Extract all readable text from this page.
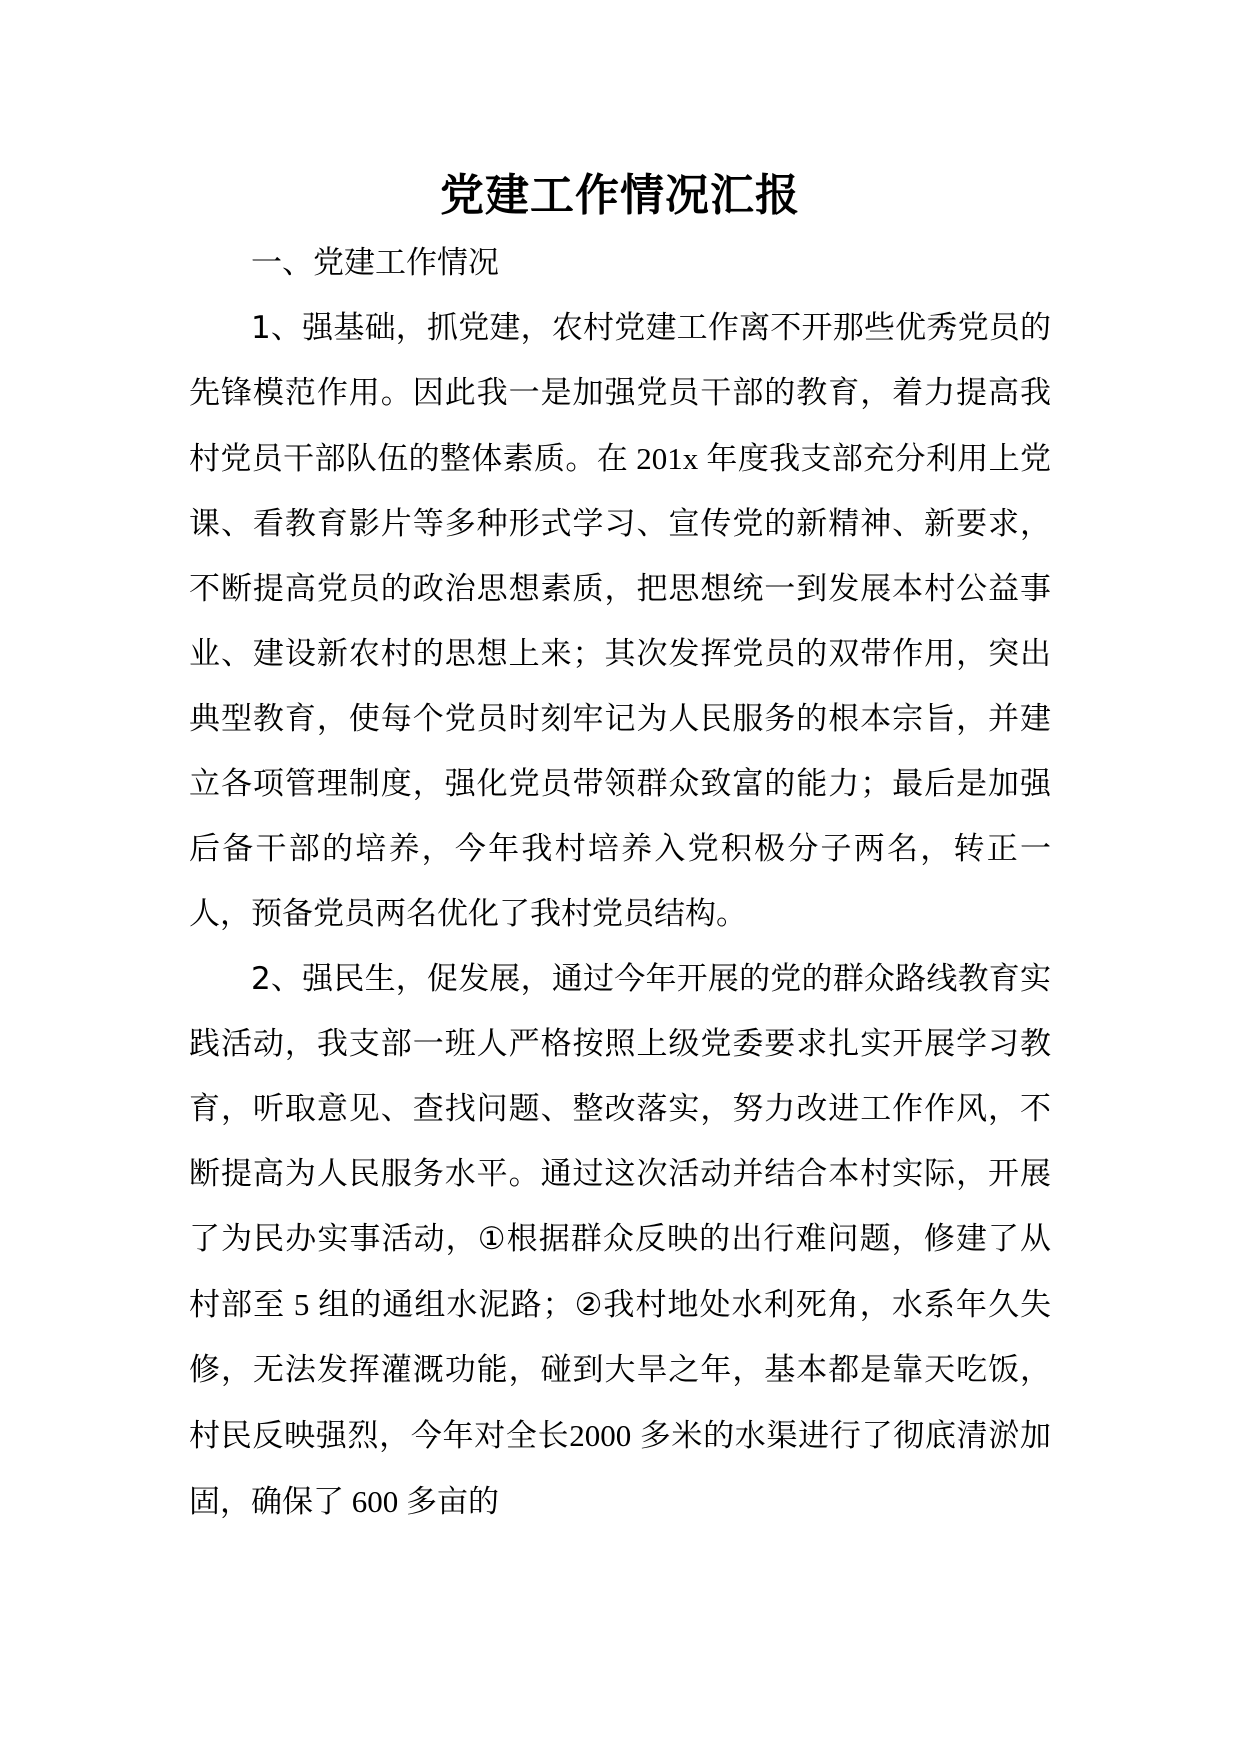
党建工作情况汇报

一、党建工作情况

1、强基础，抓党建，农村党建工作离不开那些优秀党员的先锋模范作用。因此我一是加强党员干部的教育，着力提高我村党员干部队伍的整体素质。在 201x 年度我支部充分利用上党课、看教育影片等多种形式学习、宣传党的新精神、新要求，不断提高党员的政治思想素质，把思想统一到发展本村公益事业、建设新农村的思想上来；其次发挥党员的双带作用，突出典型教育，使每个党员时刻牢记为人民服务的根本宗旨，并建立各项管理制度，强化党员带领群众致富的能力；最后是加强后备干部的培养，今年我村培养入党积极分子两名，转正一人，预备党员两名优化了我村党员结构。

2、强民生，促发展，通过今年开展的党的群众路线教育实践活动，我支部一班人严格按照上级党委要求扎实开展学习教育，听取意见、查找问题、整改落实，努力改进工作作风，不断提高为人民服务水平。通过这次活动并结合本村实际，开展了为民办实事活动，①根据群众反映的出行难问题，修建了从村部至 5 组的通组水泥路；②我村地处水利死角，水系年久失修，无法发挥灌溉功能，碰到大旱之年，基本都是靠天吃饭，村民反映强烈，今年对全长2000 多米的水渠进行了彻底清淤加固，确保了 600 多亩的
